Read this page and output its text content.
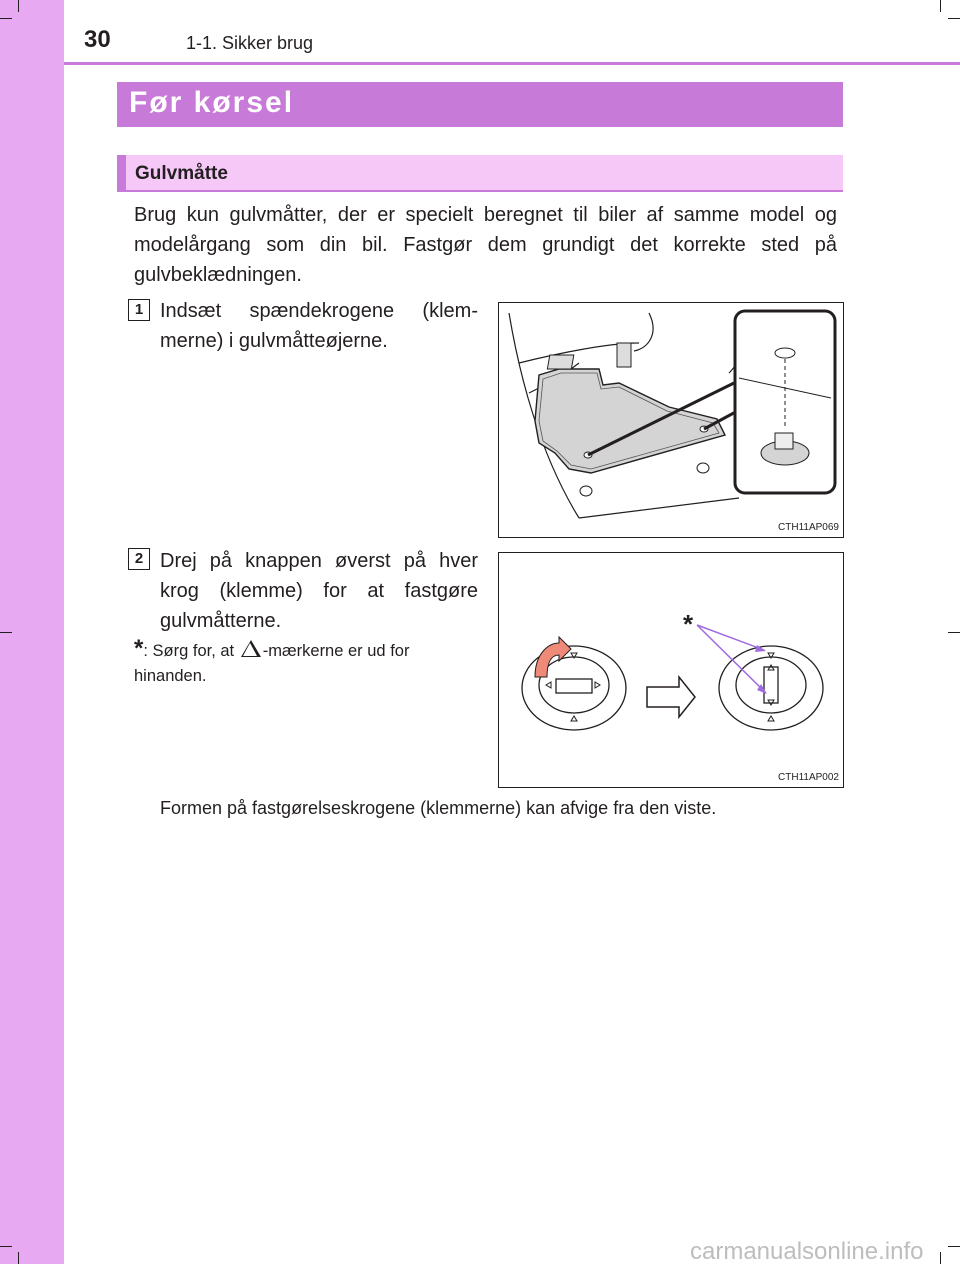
30	1-1. Sikker brug
Før kørsel
Gulvmåtte
Brug kun gulvmåtter, der er specielt beregnet til biler af samme model og modelårgang som din bil. Fastgør dem grundigt det korrekte sted på gulvbeklædningen.
1 Indsæt spændekrogene (klemmerne) i gulvmåtteøjerne.
CTH11AP069
2 Drej på knappen øverst på hver krog (klemme) for at fastgøre gulvmåtterne.
*: Sørg for, at -mærkerne er ud for hinanden.
*
CTH11AP002
Formen på fastgørelseskrogene (klemmerne) kan afvige fra den viste.
carmanualsonline.info
